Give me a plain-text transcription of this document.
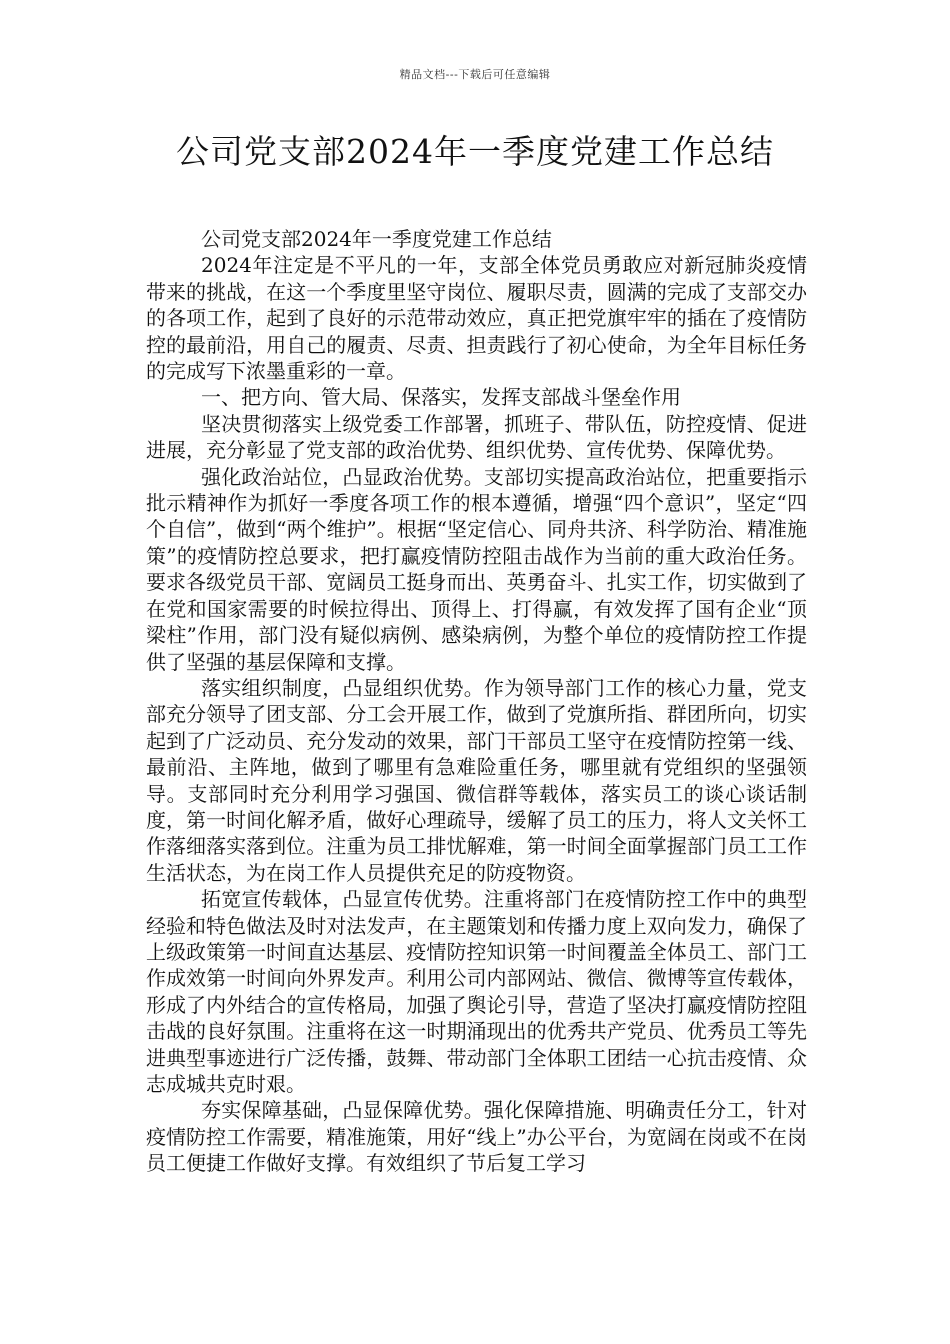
精品文档---下载后可任意编辑
公司党支部2024年一季度党建工作总结

公司党支部2024年一季度党建工作总结

2024年注定是不平凡的一年，支部全体党员勇敢应对新冠肺炎疫情带来的挑战，在这一个季度里坚守岗位、履职尽责，圆满的完成了支部交办的各项工作，起到了良好的示范带动效应，真正把党旗牢牢的插在了疫情防控的最前沿，用自己的履责、尽责、担责践行了初心使命，为全年目标任务的完成写下浓墨重彩的一章。

一、把方向、管大局、保落实，发挥支部战斗堡垒作用

坚决贯彻落实上级党委工作部署，抓班子、带队伍，防控疫情、促进进展，充分彰显了党支部的政治优势、组织优势、宣传优势、保障优势。

强化政治站位，凸显政治优势。支部切实提高政治站位，把重要指示批示精神作为抓好一季度各项工作的根本遵循，增强“四个意识”，坚定“四个自信”，做到“两个维护”。根据“坚定信心、同舟共济、科学防治、精准施策”的疫情防控总要求，把打赢疫情防控阻击战作为当前的重大政治任务。要求各级党员干部、宽阔员工挺身而出、英勇奋斗、扎实工作，切实做到了在党和国家需要的时候拉得出、顶得上、打得赢，有效发挥了国有企业“顶梁柱”作用，部门没有疑似病例、感染病例，为整个单位的疫情防控工作提供了坚强的基层保障和支撑。

落实组织制度，凸显组织优势。作为领导部门工作的核心力量，党支部充分领导了团支部、分工会开展工作，做到了党旗所指、群团所向，切实起到了广泛动员、充分发动的效果，部门干部员工坚守在疫情防控第一线、最前沿、主阵地，做到了哪里有急难险重任务，哪里就有党组织的坚强领导。支部同时充分利用学习强国、微信群等载体，落实员工的谈心谈话制度，第一时间化解矛盾，做好心理疏导，缓解了员工的压力，将人文关怀工作落细落实落到位。注重为员工排忧解难，第一时间全面掌握部门员工工作生活状态，为在岗工作人员提供充足的防疫物资。

拓宽宣传载体，凸显宣传优势。注重将部门在疫情防控工作中的典型经验和特色做法及时对法发声，在主题策划和传播力度上双向发力，确保了上级政策第一时间直达基层、疫情防控知识第一时间覆盖全体员工、部门工作成效第一时间向外界发声。利用公司内部网站、微信、微博等宣传载体，形成了内外结合的宣传格局，加强了舆论引导，营造了坚决打赢疫情防控阻击战的良好氛围。注重将在这一时期涌现出的优秀共产党员、优秀员工等先进典型事迹进行广泛传播，鼓舞、带动部门全体职工团结一心抗击疫情、众志成城共克时艰。

夯实保障基础，凸显保障优势。强化保障措施、明确责任分工，针对疫情防控工作需要，精准施策，用好“线上”办公平台，为宽阔在岗或不在岗员工便捷工作做好支撑。有效组织了节后复工学习
